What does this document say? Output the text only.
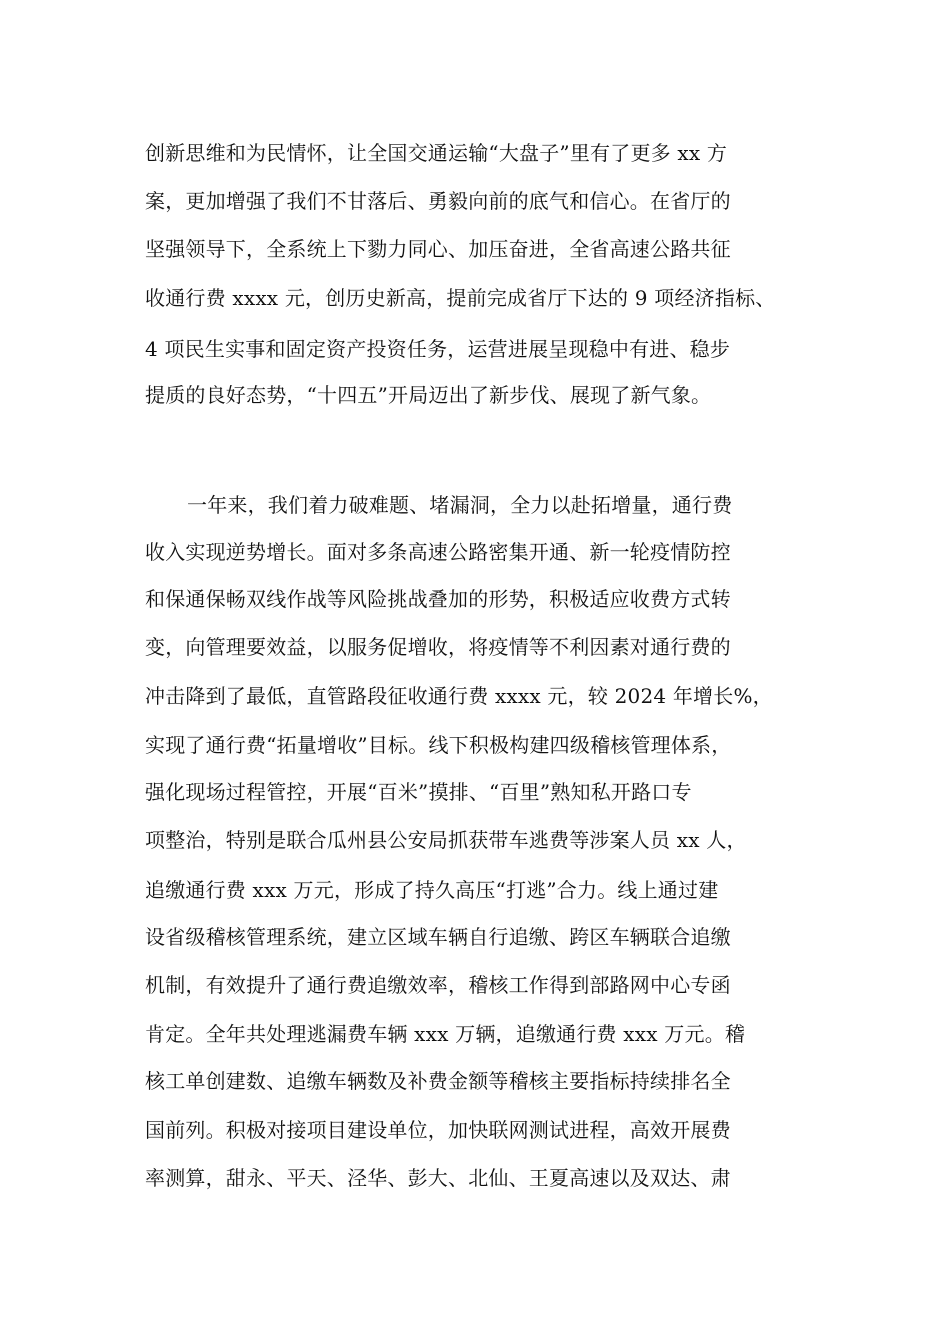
创新思维和为民情怀，让全国交通运输“大盘子”里有了更多 xx 方
案，更加增强了我们不甘落后、勇毅向前的底气和信心。在省厅的
坚强领导下，全系统上下勠力同心、加压奋进，全省高速公路共征
收通行费 xxxx 元，创历史新高，提前完成省厅下达的 9 项经济指标、
4 项民生实事和固定资产投资任务，运营进展呈现稳中有进、稳步
提质的良好态势，“十四五”开局迈出了新步伐、展现了新气象。
一年来，我们着力破难题、堵漏洞，全力以赴拓增量，通行费
收入实现逆势增长。面对多条高速公路密集开通、新一轮疫情防控
和保通保畅双线作战等风险挑战叠加的形势，积极适应收费方式转
变，向管理要效益，以服务促增收，将疫情等不利因素对通行费的
冲击降到了最低，直管路段征收通行费 xxxx 元，较 2024 年增长%，
实现了通行费“拓量增收”目标。线下积极构建四级稽核管理体系，
强化现场过程管控，开展“百米”摸排、“百里”熟知私开路口专
项整治，特别是联合瓜州县公安局抓获带车逃费等涉案人员 xx 人，
追缴通行费 xxx 万元，形成了持久高压“打逃”合力。线上通过建
设省级稽核管理系统，建立区域车辆自行追缴、跨区车辆联合追缴
机制，有效提升了通行费追缴效率，稽核工作得到部路网中心专函
肯定。全年共处理逃漏费车辆 xxx 万辆，追缴通行费 xxx 万元。稽
核工单创建数、追缴车辆数及补费金额等稽核主要指标持续排名全
国前列。积极对接项目建设单位，加快联网测试进程，高效开展费
率测算，甜永、平天、泾华、彭大、北仙、王夏高速以及双达、肃
